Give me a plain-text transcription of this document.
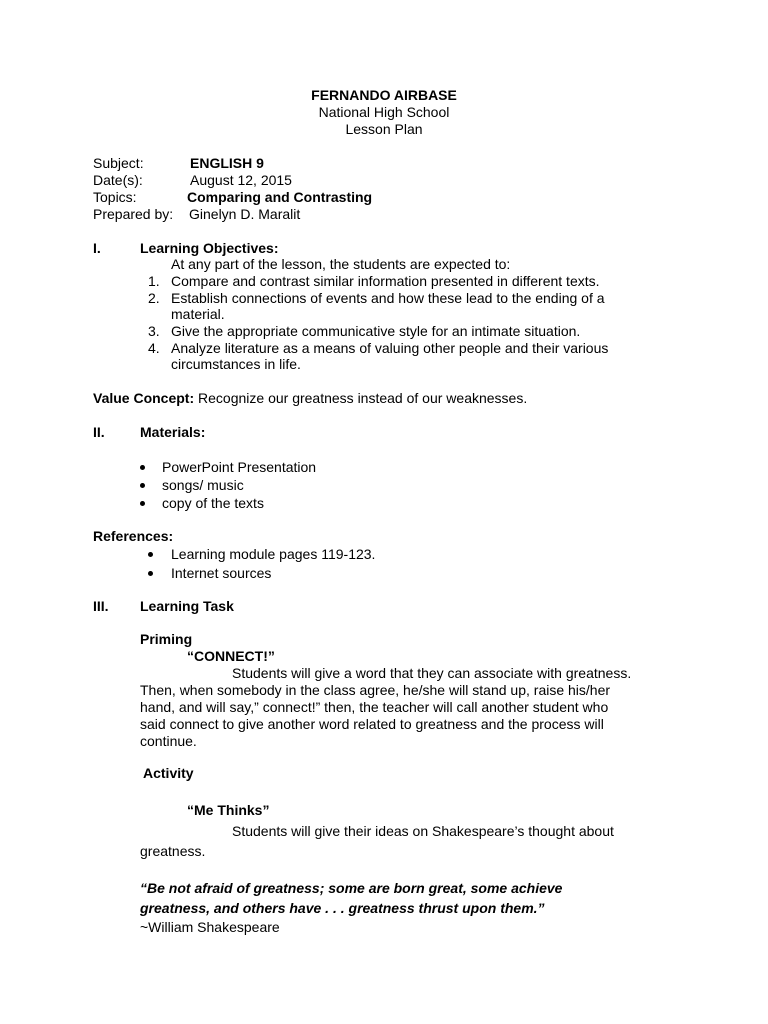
FERNANDO AIRBASE
National High School
Lesson Plan
Subject:	ENGLISH 9
Date(s):	August 12, 2015
Topics:	Comparing and Contrasting
Prepared by: Ginelyn D. Maralit
I.	Learning Objectives:
At any part of the lesson, the students are expected to:
1. Compare and contrast similar information presented in different texts.
2. Establish connections of events and how these lead to the ending of a
material.
3. Give the appropriate communicative style for an intimate situation.
4. Analyze literature as a means of valuing other people and their various
circumstances in life.
Value Concept: Recognize our greatness instead of our weaknesses.
II.	Materials:
PowerPoint Presentation
songs/ music
copy of the texts
References:
Learning module pages 119-123.
Internet sources
III. Learning Task
Priming
“CONNECT!”
Students will give a word that they can associate with greatness.
Then, when somebody in the class agree, he/she will stand up, raise his/her
hand, and will say,” connect!” then, the teacher will call another student who
said connect to give another word related to greatness and the process will
continue.
Activity
“Me Thinks”
Students will give their ideas on Shakespeare’s thought about
greatness.
“Be not afraid of greatness; some are born great, some achieve
greatness, and others have . . . greatness thrust upon them.”
~William Shakespeare
